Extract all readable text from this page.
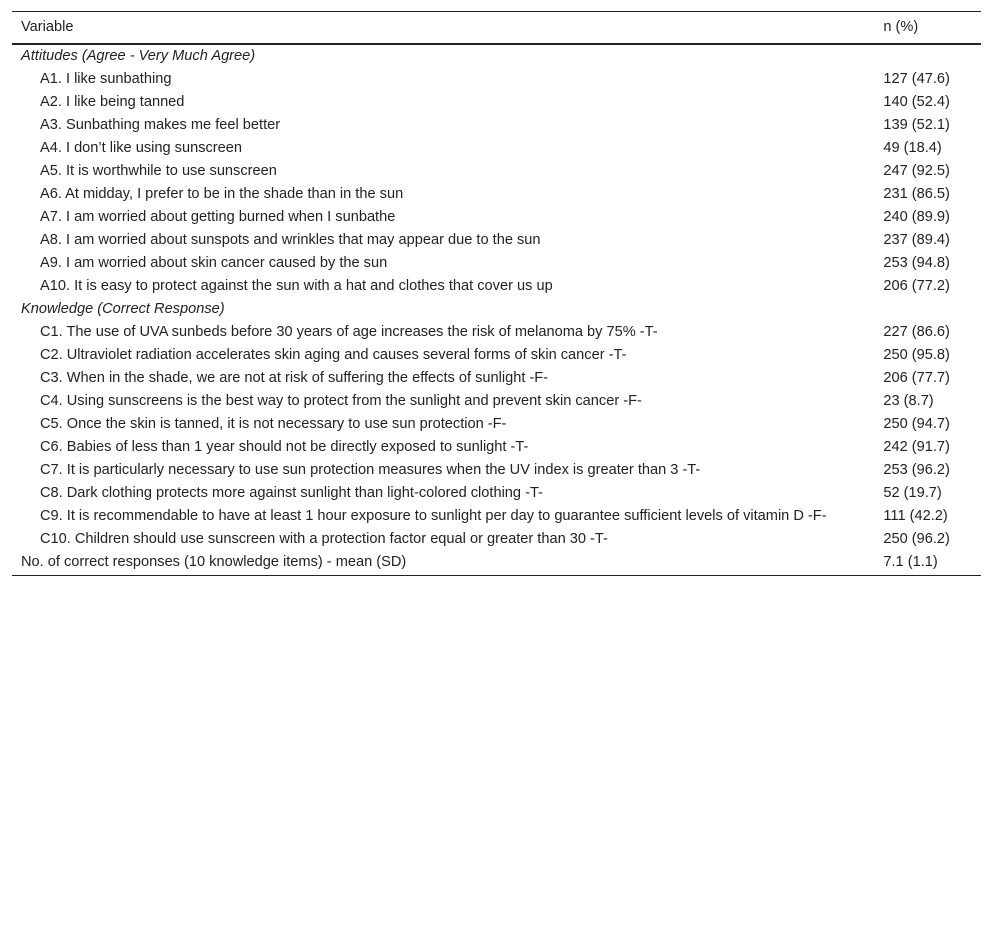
Variable	n (%)
Attitudes (Agree - Very Much Agree)	
A1. I like sunbathing	127 (47.6)
A2. I like being tanned	140 (52.4)
A3. Sunbathing makes me feel better	139 (52.1)
A4. I don’t like using sunscreen	49 (18.4)
A5. It is worthwhile to use sunscreen	247 (92.5)
A6. At midday, I prefer to be in the shade than in the sun	231 (86.5)
A7. I am worried about getting burned when I sunbathe	240 (89.9)
A8. I am worried about sunspots and wrinkles that may appear due to the sun	237 (89.4)
A9. I am worried about skin cancer caused by the sun	253 (94.8)
A10. It is easy to protect against the sun with a hat and clothes that cover us up	206 (77.2)
Knowledge (Correct Response)	
C1. The use of UVA sunbeds before 30 years of age increases the risk of melanoma by 75% -T-	227 (86.6)
C2. Ultraviolet radiation accelerates skin aging and causes several forms of skin cancer -T-	250 (95.8)
C3. When in the shade, we are not at risk of suffering the effects of sunlight -F-	206 (77.7)
C4. Using sunscreens is the best way to protect from the sunlight and prevent skin cancer -F-	23 (8.7)
C5. Once the skin is tanned, it is not necessary to use sun protection -F-	250 (94.7)
C6. Babies of less than 1 year should not be directly exposed to sunlight -T-	242 (91.7)
C7. It is particularly necessary to use sun protection measures when the UV index is greater than 3 -T-	253 (96.2)
C8. Dark clothing protects more against sunlight than light-colored clothing -T-	52 (19.7)
C9. It is recommendable to have at least 1 hour exposure to sunlight per day to guarantee sufficient levels of vitamin D -F-	111 (42.2)
C10. Children should use sunscreen with a protection factor equal or greater than 30 -T-	250 (96.2)
No. of correct responses (10 knowledge items) - mean (SD)	7.1 (1.1)
